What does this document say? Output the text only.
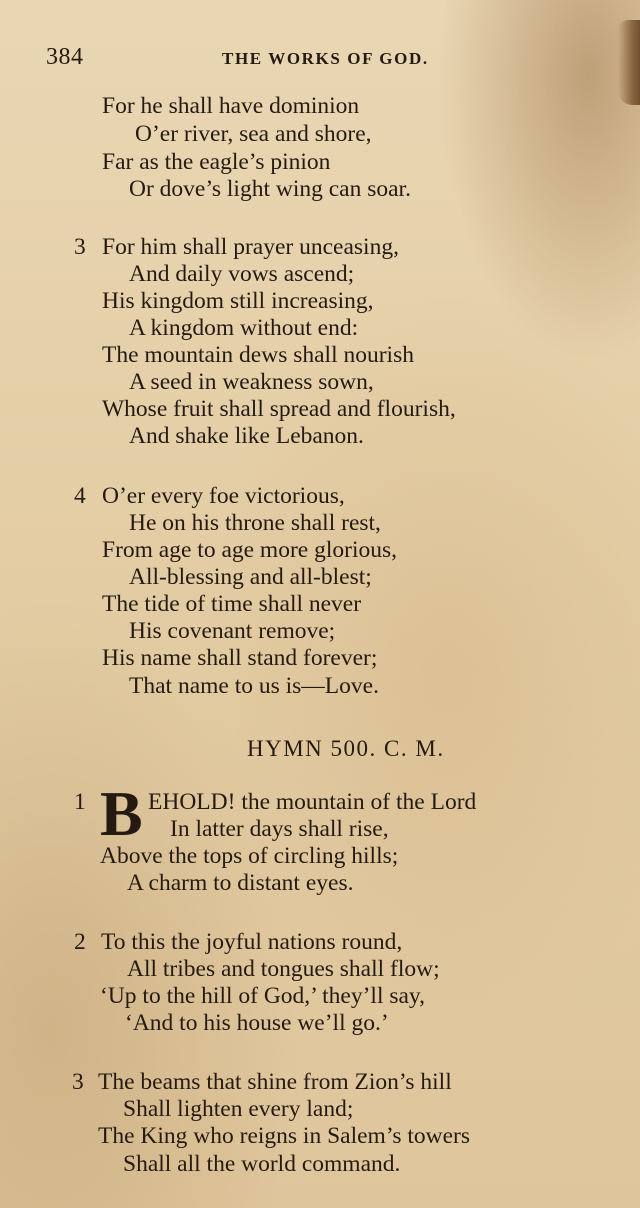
384	THE WORKS OF GOD.
For he shall have dominion
O’er river, sea and shore,
Far as the eagle’s pinion
Or dove’s light wing can soar.
3 For him shall prayer unceasing,
And daily vows ascend;
His kingdom still increasing,
A kingdom without end:
The mountain dews shall nourish
A seed in weakness sown,
Whose fruit shall spread and flourish,
And shake like Lebanon.
4 O’er every foe victorious,
He on his throne shall rest,
From age to age more glorious,
All-blessing and all-blest;
The tide of time shall never
His covenant remove;
His name shall stand forever;
That name to us is—Love.
HYMN 500. C. M.
1 B EHOLD! the mountain of the Lord
In latter days shall rise,
Above the tops of circling hills;
A charm to distant eyes.
2 To this the joyful nations round,
All tribes and tongues shall flow;
‘Up to the hill of God,’ they’ll say,
‘And to his house we’ll go.’
3 The beams that shine from Zion’s hill
Shall lighten every land;
The King who reigns in Salem’s towers
Shall all the world command.
